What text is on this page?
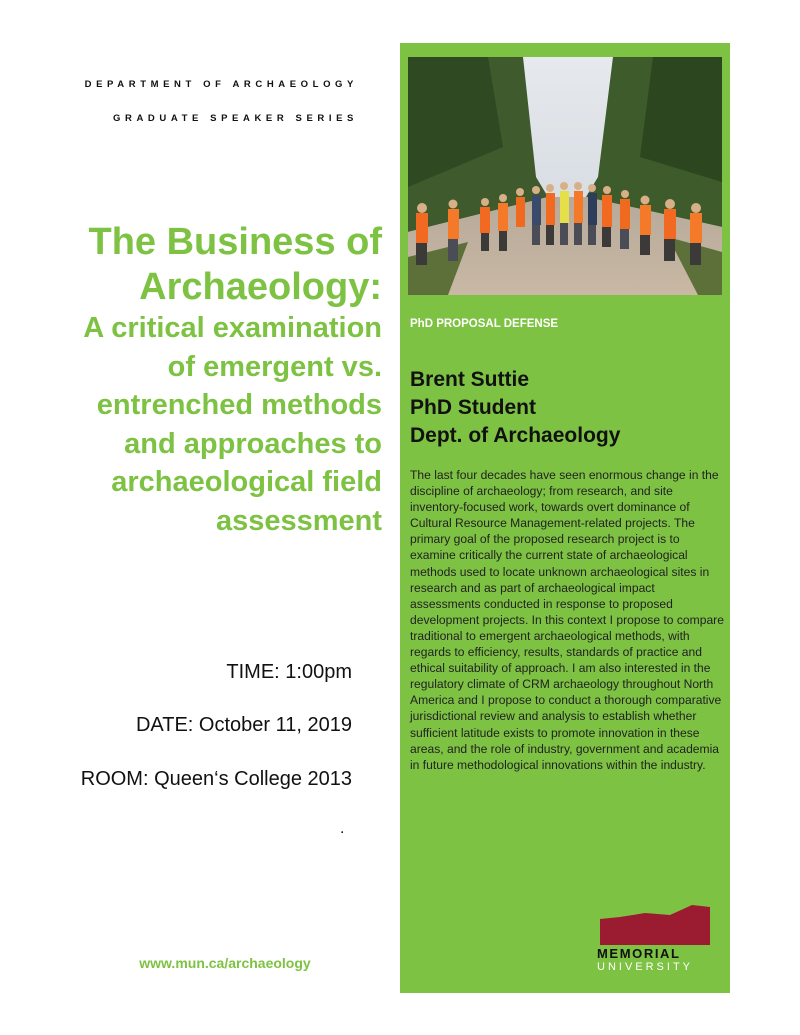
DEPARTMENT OF ARCHAEOLOGY
GRADUATE SPEAKER SERIES
The Business of
Archaeology:
A critical examination
of emergent vs.
entrenched methods
and approaches to
archaeological field
assessment
TIME: 1:00pm
DATE: October 11, 2019
ROOM: Queen‘s College 2013
.
www.mun.ca/archaeology
PhD PROPOSAL DEFENSE
Brent Suttie
PhD Student
Dept. of Archaeology
The last four decades have seen enormous change in the discipline of archaeology; from research, and site inventory-focused work, towards overt dominance of Cultural Resource Management-related projects. The primary goal of the proposed research project is to examine critically the current state of archaeological methods used to locate unknown archaeological sites in research and as part of archaeological impact assessments conducted in response to proposed development projects. In this context I propose to compare traditional to emergent archaeological methods, with regards to efficiency, results, standards of practice and ethical suitability of approach. I am also interested in the regulatory climate of CRM archaeology throughout North America and I propose to conduct a thorough comparative jurisdictional review and analysis to establish whether sufficient latitude exists to promote innovation in these areas, and the role of industry, government and academia in future methodological innovations within the industry.
MEMORIAL
UNIVERSITY
